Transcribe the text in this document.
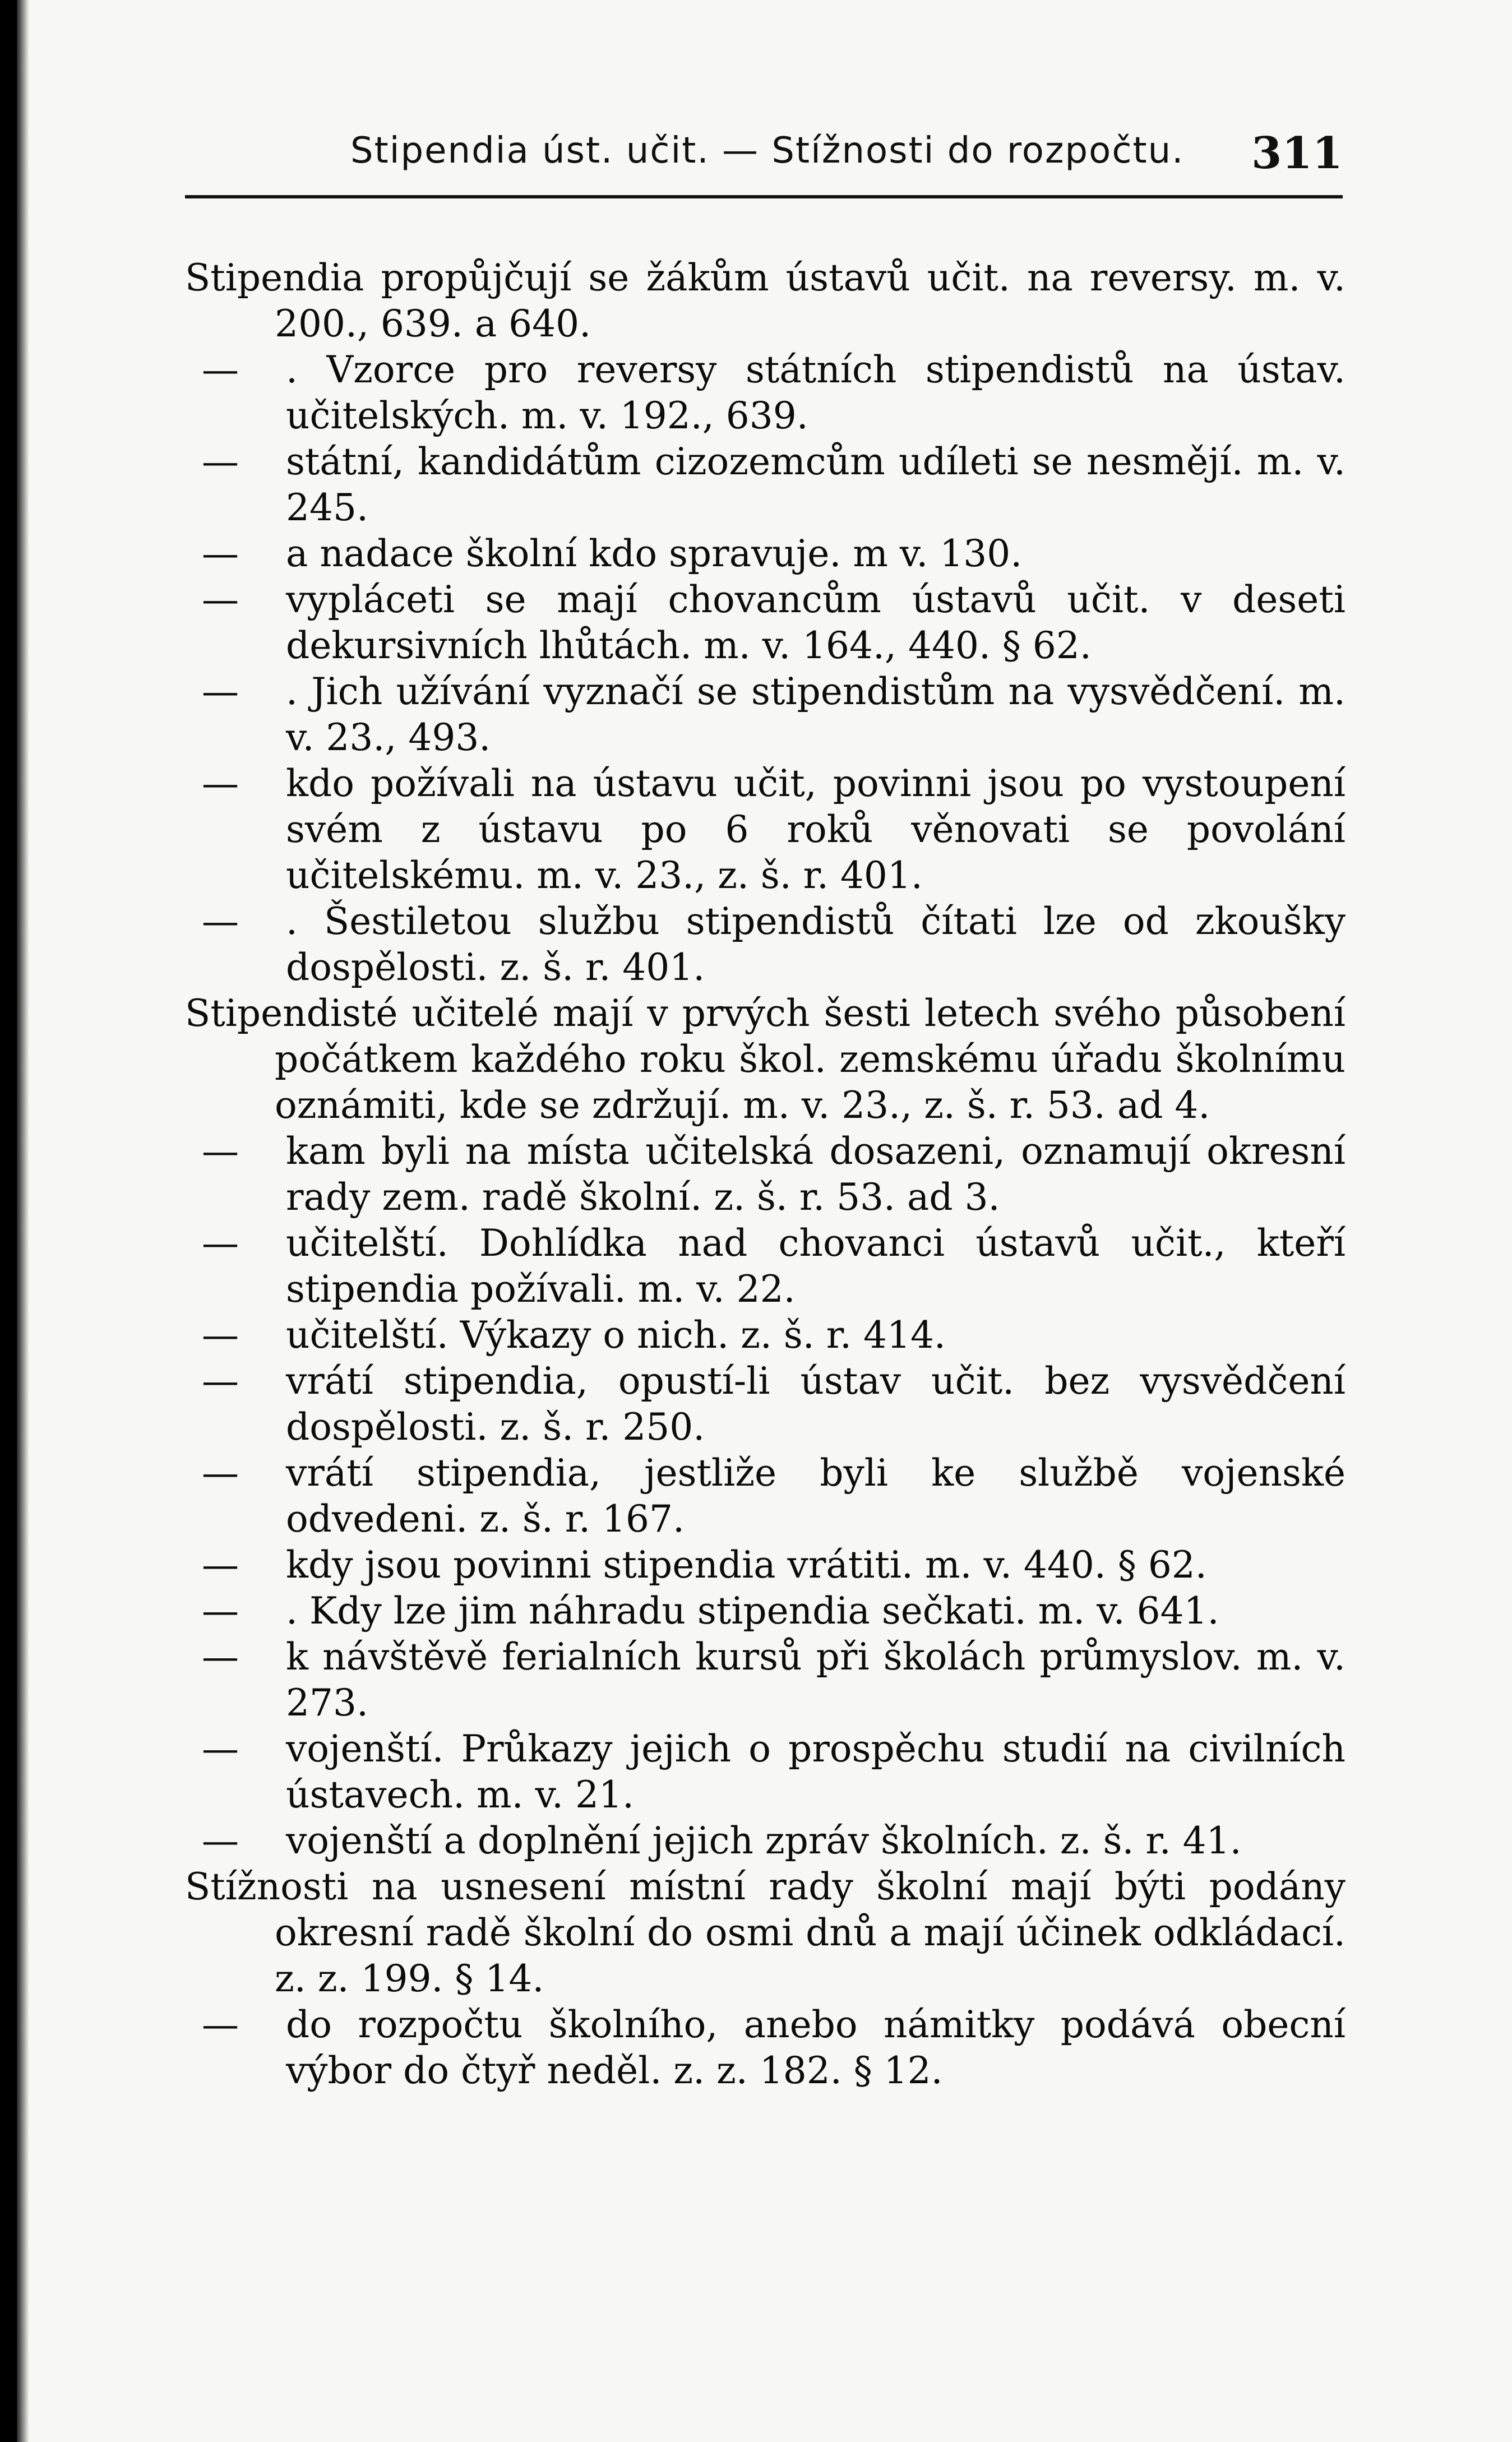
Stipendia úst. učit. — Stížnosti do rozpočtu. 311
Stipendia propůjčují se žákům ústavů učit. na reversy. m. v. 200., 639. a 640.
— . Vzorce pro reversy státních stipendistů na ústav. učitelských. m. v. 192., 639.
— státní, kandidátům cizozemcům udíleti se nesmějí. m. v. 245.
— a nadace školní kdo spravuje. m v. 130.
— vypláceti se mají chovancům ústavů učit. v deseti dekursivních lhůtách. m. v. 164., 440. § 62.
— . Jich užívání vyznačí se stipendistům na vysvědčení. m. v. 23., 493.
— kdo požívali na ústavu učit, povinni jsou po vystoupení svém z ústavu po 6 roků věnovati se povolání učitelskému. m. v. 23., z. š. r. 401.
— . Šestiletou službu stipendistů čítati lze od zkoušky dospělosti. z. š. r. 401.
Stipendisté učitelé mají v prvých šesti letech svého působení počátkem každého roku škol. zemskému úřadu školnímu oznámiti, kde se zdržují. m. v. 23., z. š. r. 53. ad 4.
— kam byli na místa učitelská dosazeni, oznamují okresní rady zem. radě školní. z. š. r. 53. ad 3.
— učitelští. Dohlídka nad chovanci ústavů učit., kteří stipendia požívali. m. v. 22.
— učitelští. Výkazy o nich. z. š. r. 414.
— vrátí stipendia, opustí-li ústav učit. bez vysvědčení dospělosti. z. š. r. 250.
— vrátí stipendia, jestliže byli ke službě vojenské odvedeni. z. š. r. 167.
— kdy jsou povinni stipendia vrátiti. m. v. 440. § 62.
— . Kdy lze jim náhradu stipendia sečkati. m. v. 641.
— k návštěvě ferialních kursů při školách průmyslov. m. v. 273.
— vojenští. Průkazy jejich o prospěchu studií na civilních ústavech. m. v. 21.
— vojenští a doplnění jejich zpráv školních. z. š. r. 41.
Stížnosti na usnesení místní rady školní mají býti podány okresní radě školní do osmi dnů a mají účinek odkládací. z. z. 199. § 14.
— do rozpočtu školního, anebo námitky podává obecní výbor do čtyř neděl. z. z. 182. § 12.
